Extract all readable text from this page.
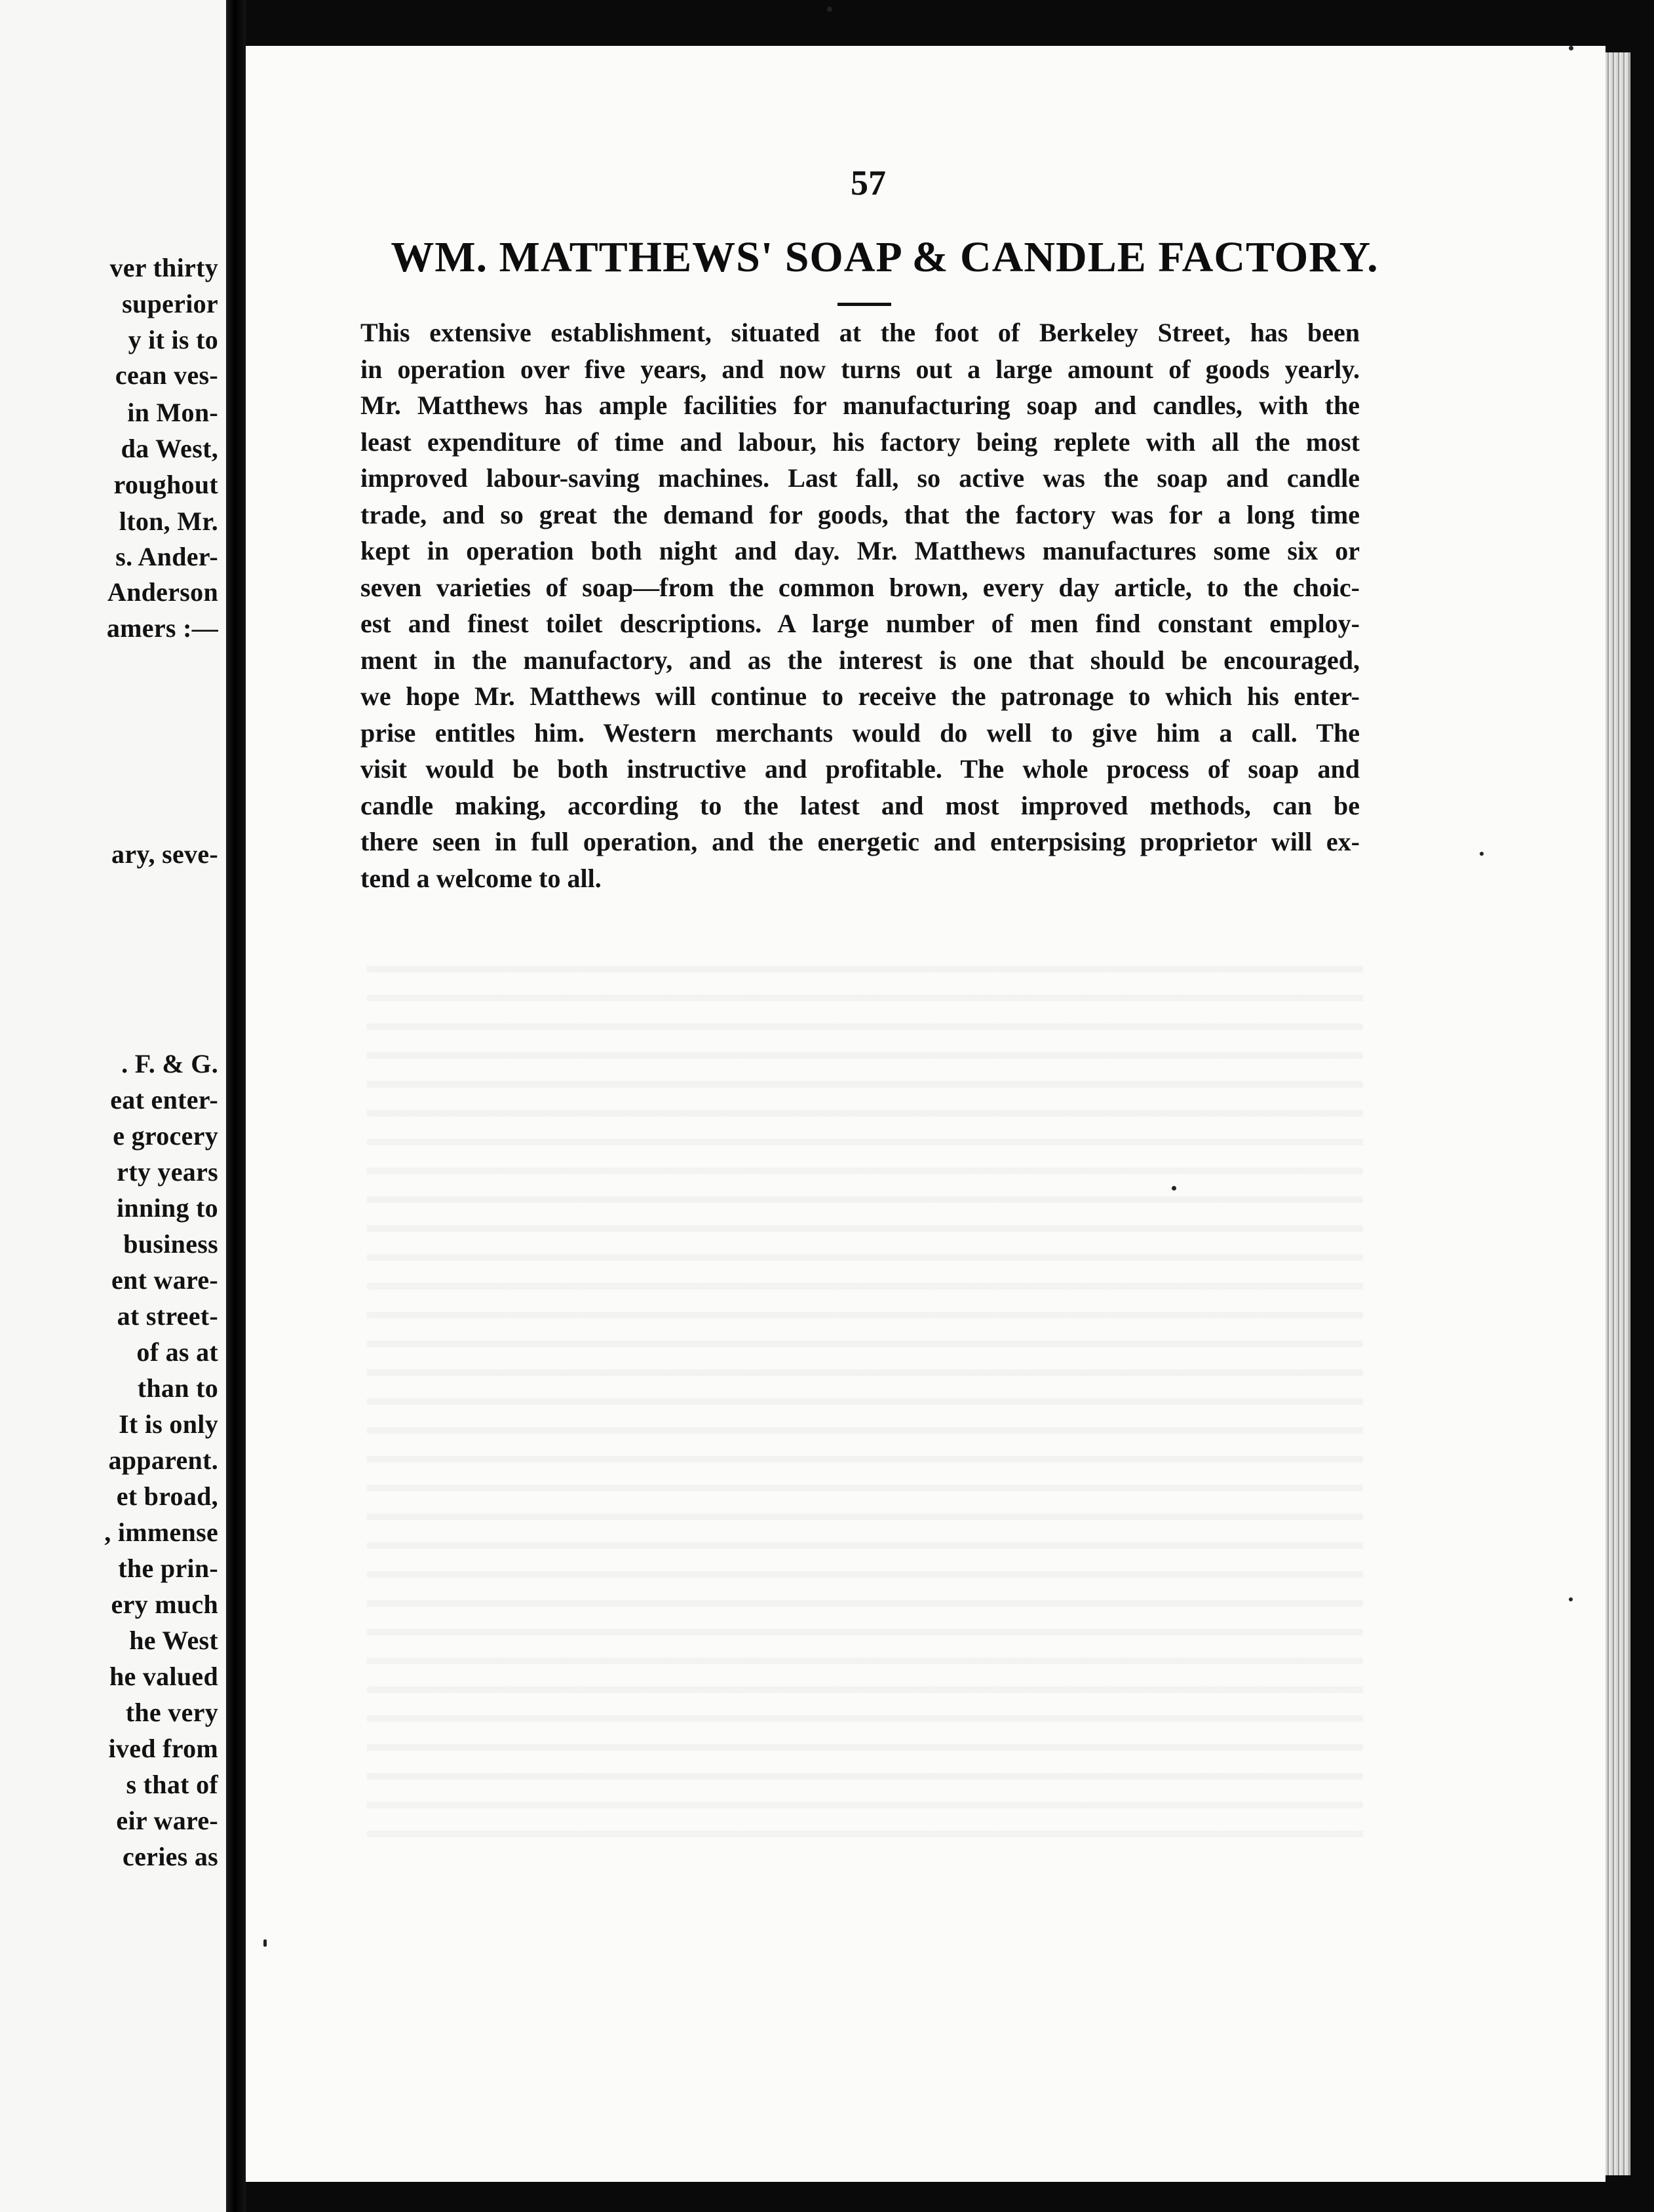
ver thirty
superior
y it is to
cean ves-
in Mon-
da West,
roughout
lton, Mr.
s. Ander-
Anderson
amers :—
ary, seve-
. F. & G.
eat enter-
e grocery
rty years
inning to
business
ent ware-
at street-
of as at
than to
It is only
apparent.
et broad,
, immense
the prin-
ery much
he West
he valued
the very
ived from
s that of
eir ware-
ceries as
57
WM. MATTHEWS' SOAP & CANDLE FACTORY.
This extensive establishment, situated at the foot of Berkeley Street, has been
in operation over five years, and now turns out a large amount of goods yearly.
Mr. Matthews has ample facilities for manufacturing soap and candles, with the
least expenditure of time and labour, his factory being replete with all the most
improved labour-saving machines. Last fall, so active was the soap and candle
trade, and so great the demand for goods, that the factory was for a long time
kept in operation both night and day. Mr. Matthews manufactures some six or
seven varieties of soap—from the common brown, every day article, to the choic-
est and finest toilet descriptions. A large number of men find constant employ-
ment in the manufactory, and as the interest is one that should be encouraged,
we hope Mr. Matthews will continue to receive the patronage to which his enter-
prise entitles him. Western merchants would do well to give him a call. The
visit would be both instructive and profitable. The whole process of soap and
candle making, according to the latest and most improved methods, can be
there seen in full operation, and the energetic and enterpsising proprietor will ex-
tend a welcome to all.
